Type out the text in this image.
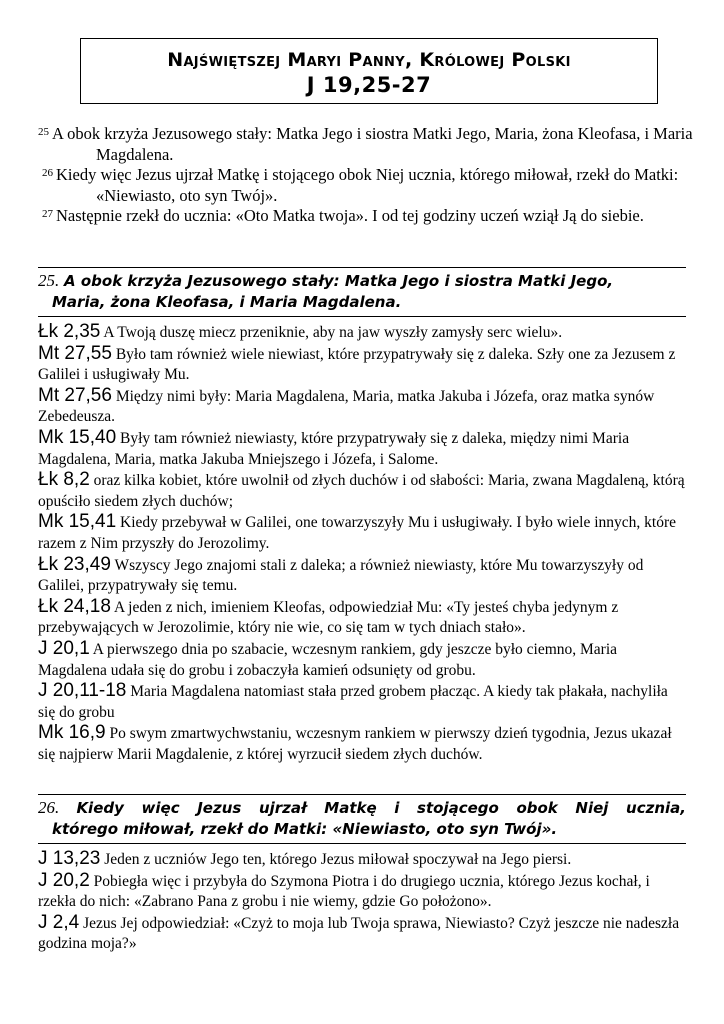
Najświętszej Maryi Panny, Królowej Polski
J 19,25-27
$^{25}$ A obok krzyża Jezusowego stały: Matka Jego i siostra Matki Jego, Maria, żona Kleofasa, i Maria Magdalena.
$^{26}$ Kiedy więc Jezus ujrzał Matkę i stojącego obok Niej ucznia, którego miłował, rzekł do Matki: «Niewiasto, oto syn Twój».
$^{27}$ Następnie rzekł do ucznia: «Oto Matka twoja». I od tej godziny uczeń wziął Ją do siebie.
25. A obok krzyża Jezusowego stały: Matka Jego i siostra Matki Jego,
Maria, żona Kleofasa, i Maria Magdalena.
Łk 2,35 A Twoją duszę miecz przeniknie, aby na jaw wyszły zamysły serc wielu».
Mt 27,55 Było tam również wiele niewiast, które przypatrywały się z daleka. Szły one za Jezusem z Galilei i usługiwały Mu.
Mt 27,56 Między nimi były: Maria Magdalena, Maria, matka Jakuba i Józefa, oraz matka synów Zebedeusza.
Mk 15,40 Były tam również niewiasty, które przypatrywały się z daleka, między nimi Maria Magdalena, Maria, matka Jakuba Mniejszego i Józefa, i Salome.
Łk 8,2 oraz kilka kobiet, które uwolnił od złych duchów i od słabości: Maria, zwana Magdaleną, którą opuściło siedem złych duchów;
Mk 15,41 Kiedy przebywał w Galilei, one towarzyszyły Mu i usługiwały. I było wiele innych, które razem z Nim przyszły do Jerozolimy.
Łk 23,49 Wszyscy Jego znajomi stali z daleka; a również niewiasty, które Mu towarzyszyły od Galilei, przypatrywały się temu.
Łk 24,18 A jeden z nich, imieniem Kleofas, odpowiedział Mu: «Ty jesteś chyba jedynym z przebywających w Jerozolimie, który nie wie, co się tam w tych dniach stało».
J 20,1 A pierwszego dnia po szabacie, wczesnym rankiem, gdy jeszcze było ciemno, Maria Magdalena udała się do grobu i zobaczyła kamień odsunięty od grobu.
J 20,11-18 Maria Magdalena natomiast stała przed grobem płacząc. A kiedy tak płakała, nachyliła się do grobu
Mk 16,9 Po swym zmartwychwstaniu, wczesnym rankiem w pierwszy dzień tygodnia, Jezus ukazał się najpierw Marii Magdalenie, z której wyrzucił siedem złych duchów.
26. Kiedy więc Jezus ujrzał Matkę i stojącego obok Niej ucznia,
którego miłował, rzekł do Matki: «Niewiasto, oto syn Twój».
J 13,23 Jeden z uczniów Jego ten, którego Jezus miłował spoczywał na Jego piersi.
J 20,2 Pobiegła więc i przybyła do Szymona Piotra i do drugiego ucznia, którego Jezus kochał, i rzekła do nich: «Zabrano Pana z grobu i nie wiemy, gdzie Go położono».
J 2,4 Jezus Jej odpowiedział: «Czyż to moja lub Twoja sprawa, Niewiasto? Czyż jeszcze nie nadeszła godzina moja?»
